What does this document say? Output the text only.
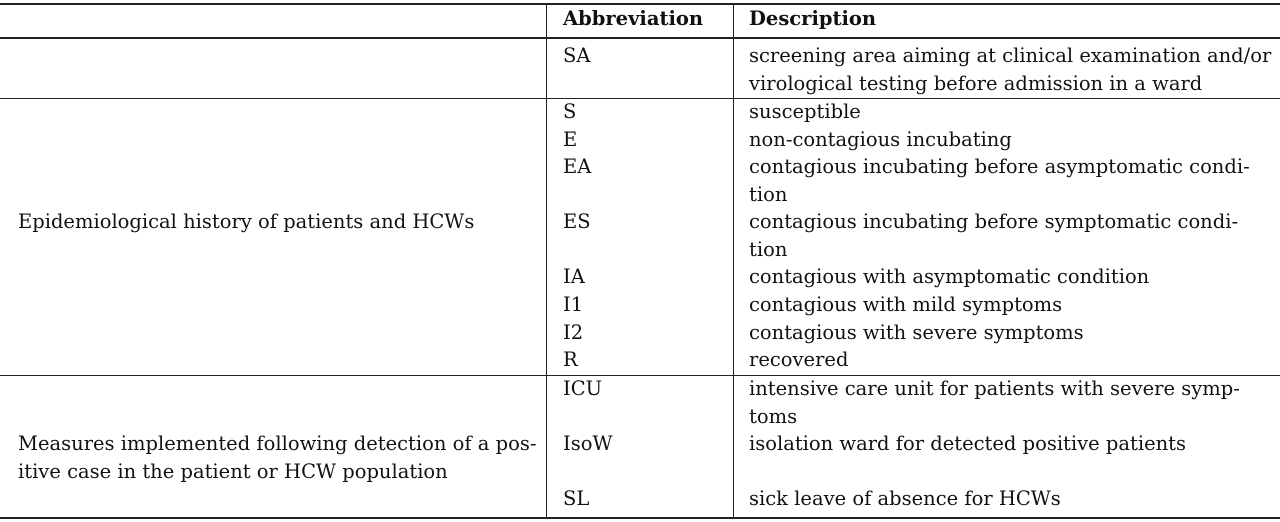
Abbreviation Description
SA	screening area aiming at clinical examination and/or
virological testing before admission in a ward
Epidemiological history of patients and HCWs
S	susceptible
E	non-contagious incubating
EA	contagious incubating before asymptomatic condi-
tion
ES	contagious incubating before symptomatic condi-
tion
IA	contagious with asymptomatic condition
I1	contagious with mild symptoms
I2	contagious with severe symptoms
R	recovered
Measures implemented following detection of a pos-
itive case in the patient or HCW population
ICU	intensive care unit for patients with severe symp-
toms
IsoW	isolation ward for detected positive patients
SL	sick leave of absence for HCWs
